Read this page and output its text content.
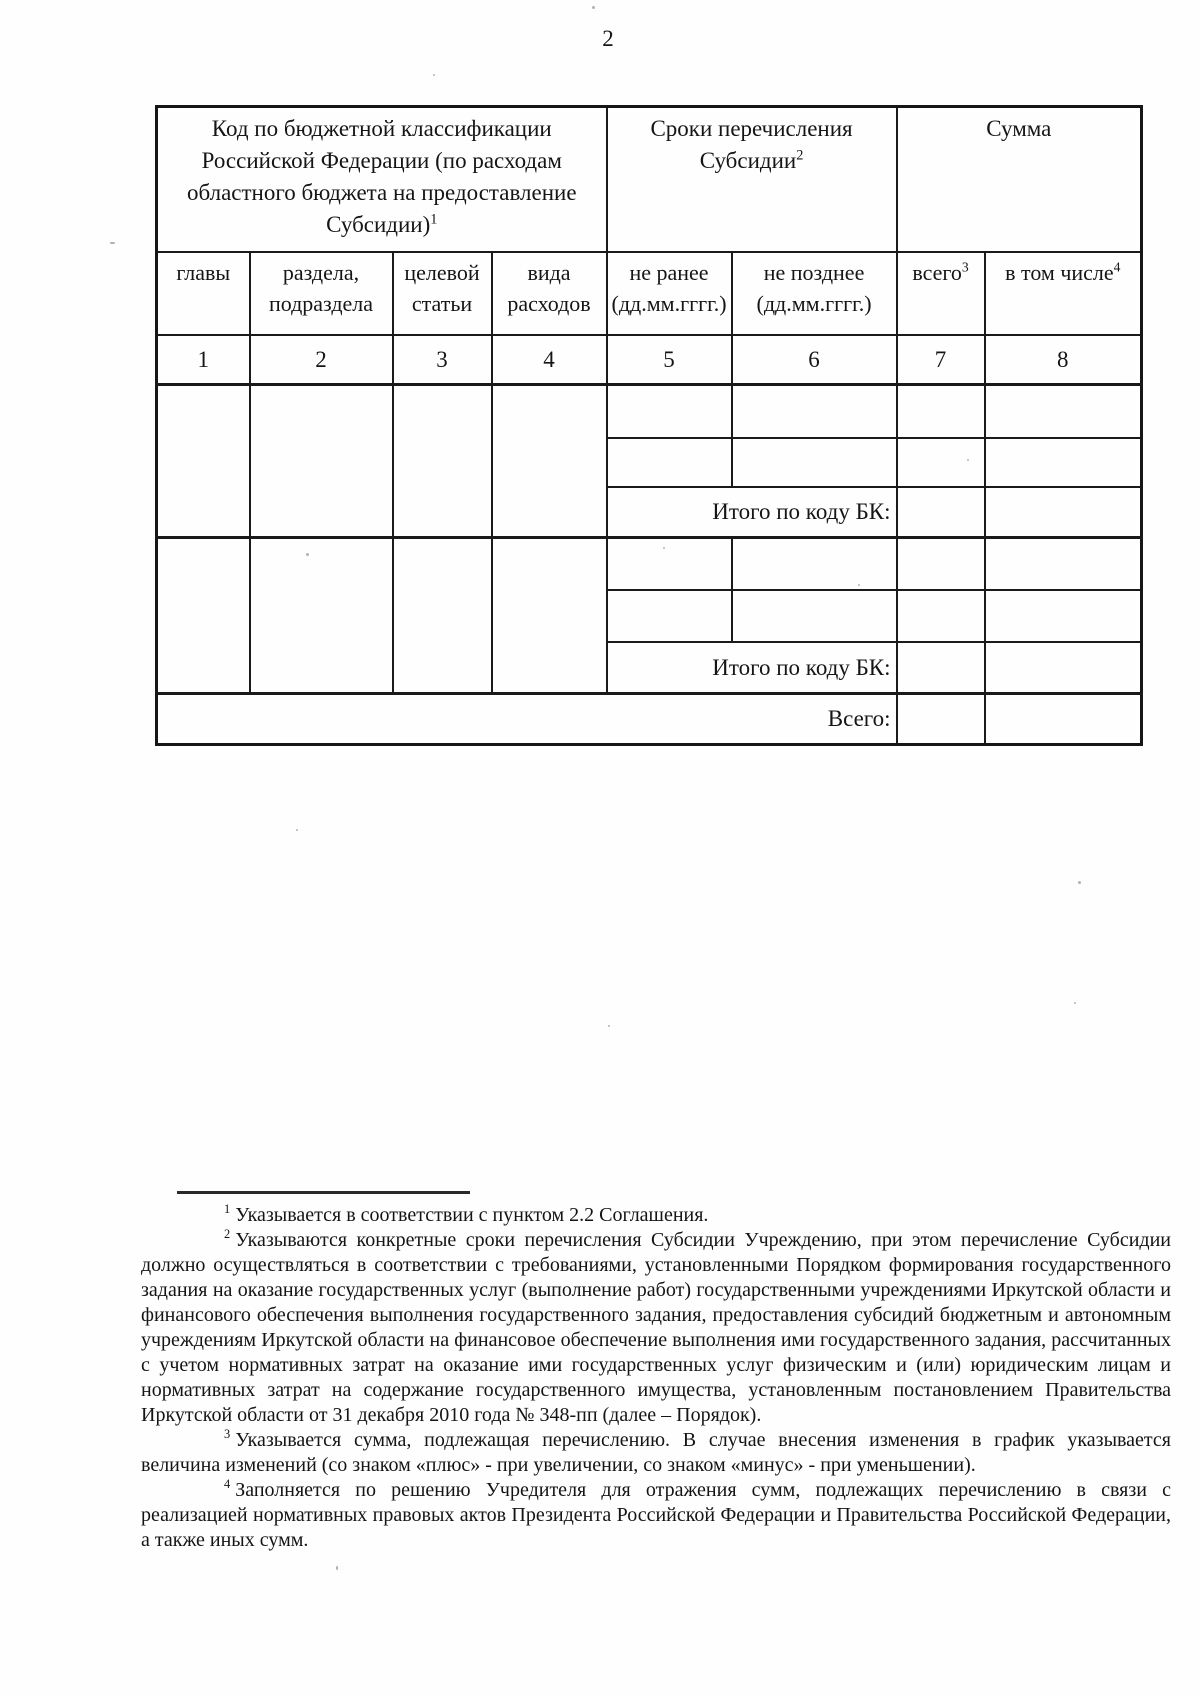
2
Код по бюджетной классификации Российской Федерации (по расходам областного бюджета на предоставление Субсидии)$^1$				Сроки перечисления Субсидии$^2$		Сумма	
главы	раздела, подраздела	целевой статьи	вида расходов	не ранее (дд.мм.гггг.)	не позднее (дд.мм.гггг.)	всего$^3$	в том числе$^4$
1	2	3	4	5	6	7	8

				Итого по коду БК:			

				Итого по коду БК:			
Всего:							

$^1$ Указывается в соответствии с пунктом 2.2 Соглашения.

$^2$ Указываются конкретные сроки перечисления Субсидии Учреждению, при этом перечисление Субсидии должно осуществляться в соответствии с требованиями, установленными Порядком формирования государственного задания на оказание государственных услуг (выполнение работ) государственными учреждениями Иркутской области и финансового обеспечения выполнения государственного задания, предоставления субсидий бюджетным и автономным учреждениям Иркутской области на финансовое обеспечение выполнения ими государственного задания, рассчитанных с учетом нормативных затрат на оказание ими государственных услуг физическим и (или) юридическим лицам и нормативных затрат на содержание государственного имущества, установленным постановлением Правительства Иркутской области от 31 декабря 2010 года № 348-пп (далее – Порядок).

$^3$ Указывается сумма, подлежащая перечислению. В случае внесения изменения в график указывается величина изменений (со знаком «плюс» - при увеличении, со знаком «минус» - при уменьшении).

$^4$ Заполняется по решению Учредителя для отражения сумм, подлежащих перечислению в связи с реализацией нормативных правовых актов Президента Российской Федерации и Правительства Российской Федерации, а также иных сумм.
